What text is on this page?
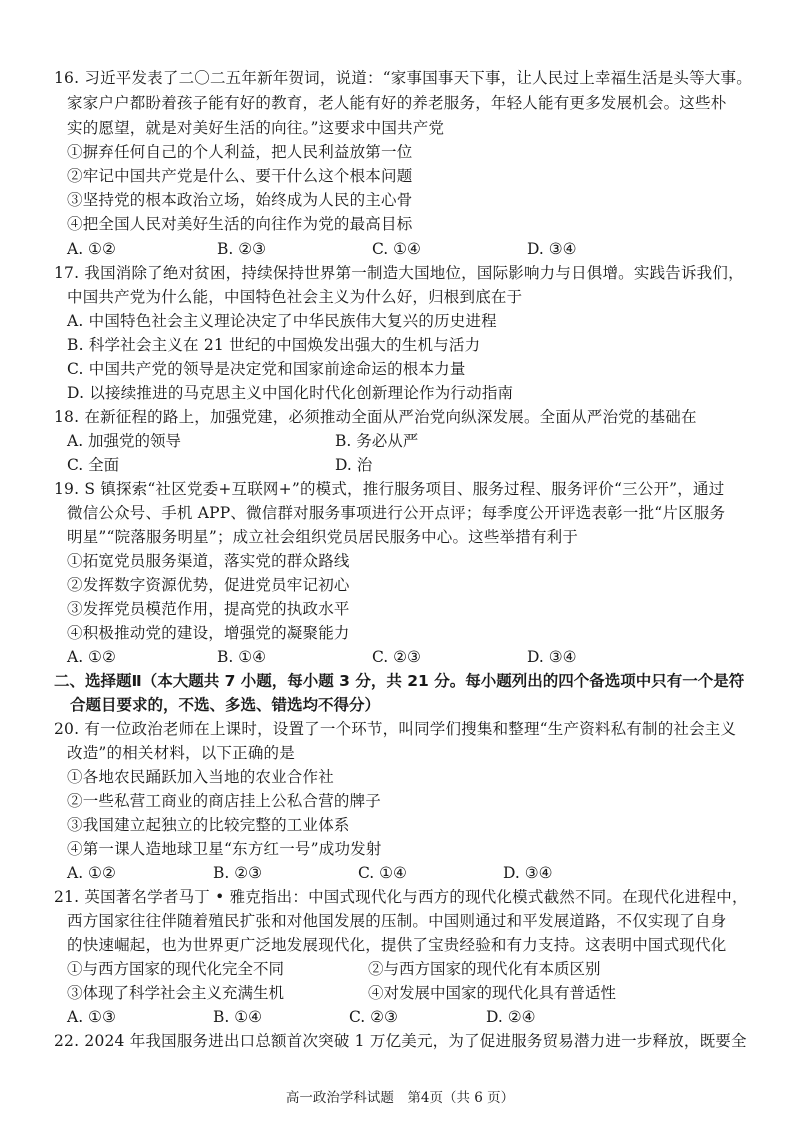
16. 习近平发表了二〇二五年新年贺词，说道：“家事国事天下事，让人民过上幸福生活是头等大事。
家家户户都盼着孩子能有好的教育，老人能有好的养老服务，年轻人能有更多发展机会。这些朴
实的愿望，就是对美好生活的向往。”这要求中国共产党
①摒弃任何自己的个人利益，把人民利益放第一位
②牢记中国共产党是什么、要干什么这个根本问题
③坚持党的根本政治立场，始终成为人民的主心骨
④把全国人民对美好生活的向往作为党的最高目标
A. ①②	B. ②③	C. ①④	D. ③④
17. 我国消除了绝对贫困，持续保持世界第一制造大国地位，国际影响力与日俱增。实践告诉我们，
中国共产党为什么能，中国特色社会主义为什么好，归根到底在于
A. 中国特色社会主义理论决定了中华民族伟大复兴的历史进程
B. 科学社会主义在 21 世纪的中国焕发出强大的生机与活力
C. 中国共产党的领导是决定党和国家前途命运的根本力量
D. 以接续推进的马克思主义中国化时代化创新理论作为行动指南
18. 在新征程的路上，加强党建，必须推动全面从严治党向纵深发展。全面从严治党的基础在
A. 加强党的领导	B. 务必从严
C. 全面	D. 治
19. S 镇探索“社区党委+互联网+”的模式，推行服务项目、服务过程、服务评价“三公开”，通过
微信公众号、手机 APP、微信群对服务事项进行公开点评；每季度公开评选表彰一批“片区服务
明星”“院落服务明星”；成立社会组织党员居民服务中心。这些举措有利于
①拓宽党员服务渠道，落实党的群众路线
②发挥数字资源优势，促进党员牢记初心
③发挥党员模范作用，提高党的执政水平
④积极推动党的建设，增强党的凝聚能力
A. ①②	B. ①④	C. ②③	D. ③④
二、选择题Ⅱ（本大题共 7 小题，每小题 3 分，共 21 分。每小题列出的四个备选项中只有一个是符
合题目要求的，不选、多选、错选均不得分）
20. 有一位政治老师在上课时，设置了一个环节，叫同学们搜集和整理“生产资料私有制的社会主义
改造”的相关材料，以下正确的是
①各地农民踊跃加入当地的农业合作社
②一些私营工商业的商店挂上公私合营的牌子
③我国建立起独立的比较完整的工业体系
④第一课人造地球卫星“东方红一号”成功发射
A. ①②	B. ②③	C. ①④	D. ③④
21. 英国著名学者马丁 • 雅克指出：中国式现代化与西方的现代化模式截然不同。在现代化进程中，
西方国家往往伴随着殖民扩张和对他国发展的压制。中国则通过和平发展道路，不仅实现了自身
的快速崛起，也为世界更广泛地发展现代化，提供了宝贵经验和有力支持。这表明中国式现代化
①与西方国家的现代化完全不同	②与西方国家的现代化有本质区别
③体现了科学社会主义充满生机	④对发展中国家的现代化具有普适性
A. ①③	B. ①④	C. ②③	D. ②④
22. 2024 年我国服务进出口总额首次突破 1 万亿美元，为了促进服务贸易潜力进一步释放，既要全
高一政治学科试题　第4页（共 6 页）
